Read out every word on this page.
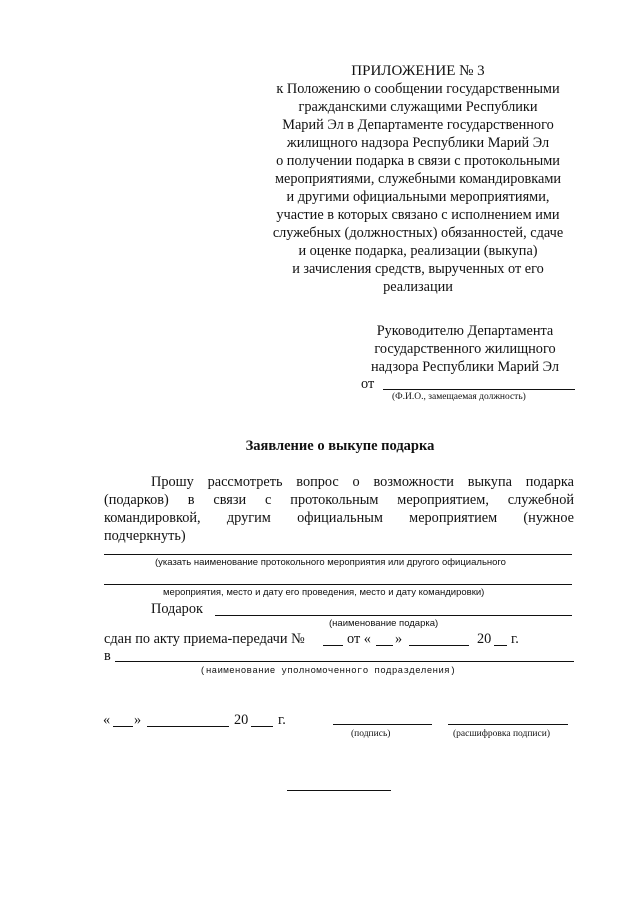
ПРИЛОЖЕНИЕ № 3
к Положению о сообщении государственными
гражданскими служащими Республики
Марий Эл в Департаменте государственного
жилищного надзора Республики Марий Эл
о получении подарка в связи с протокольными
мероприятиями, служебными командировками
и другими официальными мероприятиями,
участие в которых связано с исполнением ими
служебных (должностных) обязанностей, сдаче
и оценке подарка, реализации (выкупа)
и зачисления средств, вырученных от его
реализации
Руководителю Департамента
государственного жилищного
надзора Республики Марий Эл
от
(Ф.И.О., замещаемая должность)
Заявление о выкупе подарка
Прошу рассмотреть вопрос о возможности выкупа подарка
(подарков) в связи с протокольным мероприятием, служебной
командировкой, другим официальным мероприятием (нужное
подчеркнуть)
(указать наименование протокольного мероприятия или другого официального
мероприятия, место и дату его проведения, место и дату командировки)
Подарок
(наименование подарка)
сдан по акту приема-передачи №	от « »	20 г.
в
(наименование уполномоченного подразделения)
« »	20 г.
(подпись)	(расшифровка подписи)
